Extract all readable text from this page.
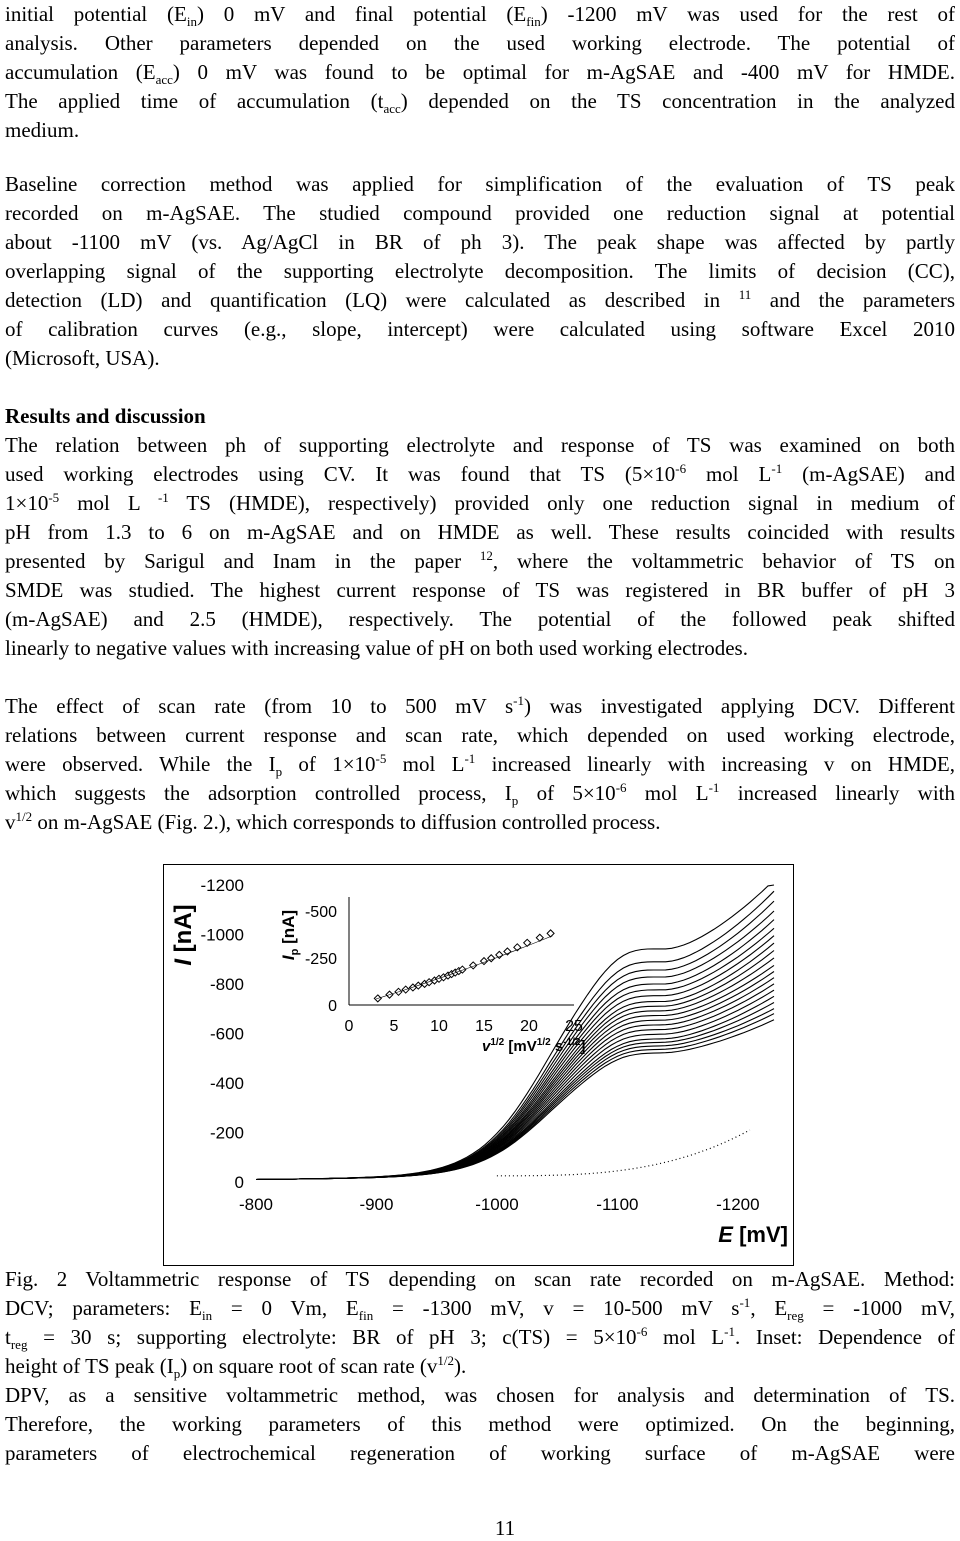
initial potential $(E_{in})$ 0 mV and final potential $(E_{fin})$ -1200 mV was used for the rest of

analysis. Other parameters depended on the used working electrode. The potential of

accumulation $(E_{acc})$ 0 mV was found to be optimal for m-AgSAE and -400 mV for HMDE.

The applied time of accumulation $(t_{acc})$ depended on the TS concentration in the analyzed

medium.

Baseline correction method was applied for simplification of the evaluation of TS peak

recorded on m-AgSAE. The studied compound provided one reduction signal at potential

about -1100 mV (vs. Ag/AgCl in BR of ph 3). The peak shape was affected by partly

overlapping signal of the supporting electrolyte decomposition. The limits of decision (CC),

detection (LD) and quantification (LQ) were calculated as described in $^{11}$ and the parameters

of calibration curves (e.g., slope, intercept) were calculated using software Excel 2010

(Microsoft, USA).

Results and discussion

The relation between ph of supporting electrolyte and response of TS was examined on both

used working electrodes using CV. It was found that TS ($5\times 10^{-6}$ mol $L^{-1}$ (m-AgSAE) and

$1\times 10^{-5}$ mol L $^{-1}$ TS (HMDE), respectively) provided only one reduction signal in medium of

pH from 1.3 to 6 on m-AgSAE and on HMDE as well. These results coincided with results

presented by Sarigul and Inam in the paper $^{12}$, where the voltammetric behavior of TS on

SMDE was studied. The highest current response of TS was registered in BR buffer of pH 3

(m-AgSAE) and 2.5 (HMDE), respectively. The potential of the followed peak shifted

linearly to negative values with increasing value of pH on both used working electrodes.

The effect of scan rate (from 10 to 500 mV $s^{-1}$) was investigated applying DCV. Different

relations between current response and scan rate, which depended on used working electrode,

were observed. While the $I_p$ of $1\times 10^{-5}$ mol $L^{-1}$ increased linearly with increasing v on HMDE,

which suggests the adsorption controlled process, $I_p$ of $5\times 10^{-6}$ mol $L^{-1}$ increased linearly with

$v^{1/2}$ on m-AgSAE (Fig. 2.), which corresponds to diffusion controlled process.

-1200
-1000
-800
-600
-400
-200
0
-800	-900	-1000	-1100	-1200
I [nA]
E [mV]
-500
-250
0
0 5 10 15 20 25
$I_p$ [nA]
$v^{1/2}$ [$mV^{1/2}$ $s^{-1/2}$]

Fig. 2 Voltammetric response of TS depending on scan rate recorded on m-AgSAE. Method:

DCV; parameters: $E_{in} = 0$ Vm, $E_{fin} = -1300$ mV, v = 10-500 mV $s^{-1}$, $E_{reg} = -1000$ mV,

$t_{reg} = 30$ s; supporting electrolyte: BR of pH 3; $c(TS) = 5\times 10^{-6}$ mol $L^{-1}$. Inset: Dependence of

height of TS peak $(I_p)$ on square root of scan rate $(v^{1/2})$.

DPV, as a sensitive voltammetric method, was chosen for analysis and determination of TS.

Therefore, the working parameters of this method were optimized. On the beginning,

parameters of electrochemical regeneration of working surface of m-AgSAE were

11
